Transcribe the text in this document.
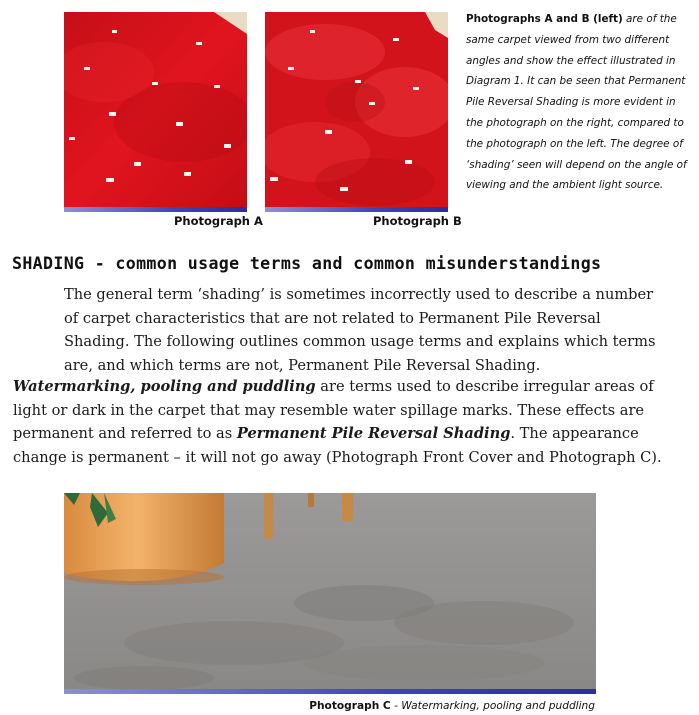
Photograph A	Photograph B
Photographs A and B (left) are of the same carpet viewed from two different angles and show the effect illustrated in Diagram 1. It can be seen that Permanent Pile Reversal Shading is more evident in the photograph on the right, compared to the photograph on the left. The degree of ‘shading’ seen will depend on the angle of viewing and the ambient light source.
SHADING - common usage terms and common misunderstandings
The general term ‘shading’ is sometimes incorrectly used to describe a number of carpet characteristics that are not related to Permanent Pile Reversal Shading. The following outlines common usage terms and explains which terms are, and which terms are not, Permanent Pile Reversal Shading.
Watermarking, pooling and puddling are terms used to describe irregular areas of light or dark in the carpet that may resemble water spillage marks. These effects are permanent and referred to as Permanent Pile Reversal Shading. The appearance change is permanent – it will not go away (Photograph Front Cover and Photograph C).
Photograph C - Watermarking, pooling and puddling
